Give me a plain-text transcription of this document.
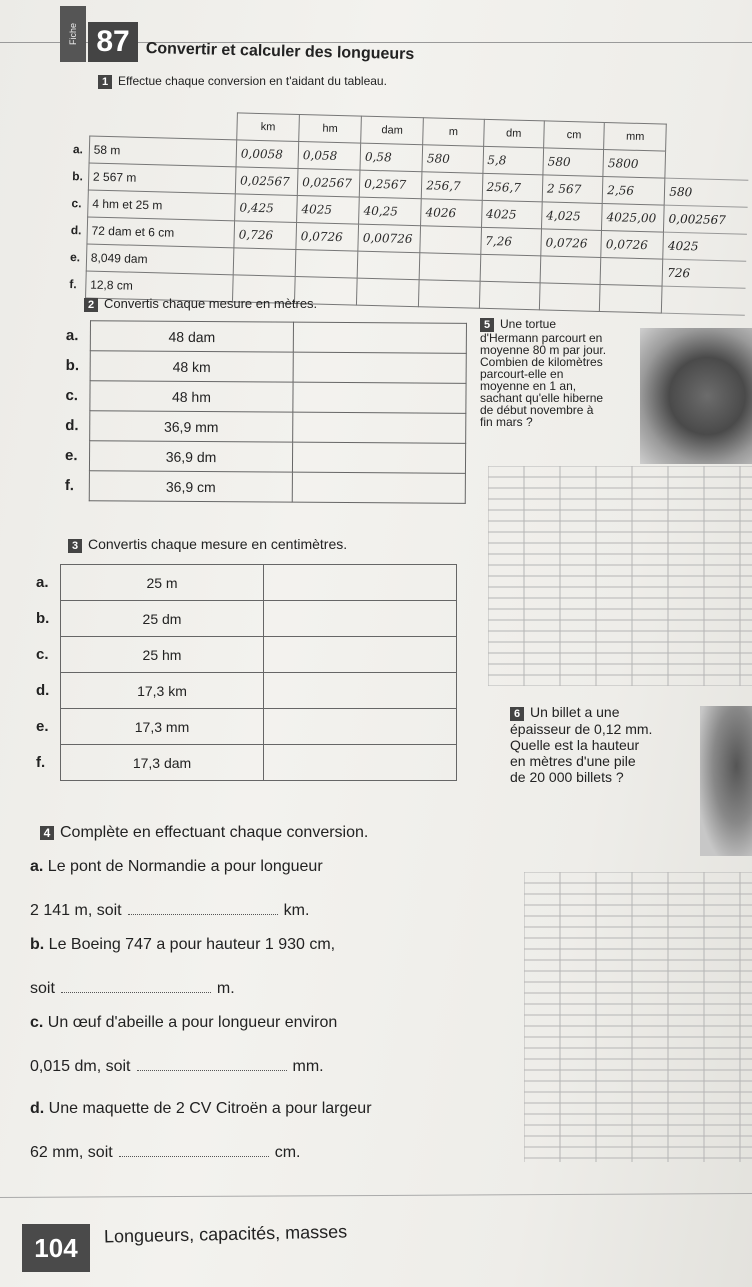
Fiche 87 Convertir et calculer des longueurs
1 Effectue chaque conversion en t'aidant du tableau.
		km	hm	dam	m	dm	cm	mm	
a.	58 m	0,0058	0,058	0,58	580	5,8	580	5800	
b.	2 567 m	0,02567	0,02567	0,2567	256,7	256,7	2 567	2,56	580
c.	4 hm et 25 m	0,425	4025	40,25	4026	4025	4,025	4025,00	0,002567
d.	72 dam et 6 cm	0,726	0,0726	0,00726		7,26	0,0726	0,0726	4025
e.	8,049 dam								726
f.	12,8 cm								
2 Convertis chaque mesure en mètres.
a.	48 dam	
b.	48 km	
c.	48 hm	
d.	36,9 mm	
e.	36,9 dm	
f.	36,9 cm	
5 Une tortue
d'Hermann parcourt en
moyenne 80 m par jour.
Combien de kilomètres
parcourt-elle en
moyenne en 1 an,
sachant qu'elle hiberne
de début novembre à
fin mars ?

3 Convertis chaque mesure en centimètres.
a.	25 m	
b.	25 dm	
c.	25 hm	
d.	17,3 km	
e.	17,3 mm	
f.	17,3 dam	
6 Un billet a une
épaisseur de 0,12 mm.
Quelle est la hauteur
en mètres d'une pile
de 20 000 billets ?

4 Complète en effectuant chaque conversion.
a. Le pont de Normandie a pour longueur
2 141 m, soit	km.
b. Le Boeing 747 a pour hauteur 1 930 cm,
soit	m.
c. Un œuf d'abeille a pour longueur environ
0,015 dm, soit	mm.
d. Une maquette de 2 CV Citroën a pour largeur
62 mm, soit	cm.
104	Longueurs, capacités, masses
